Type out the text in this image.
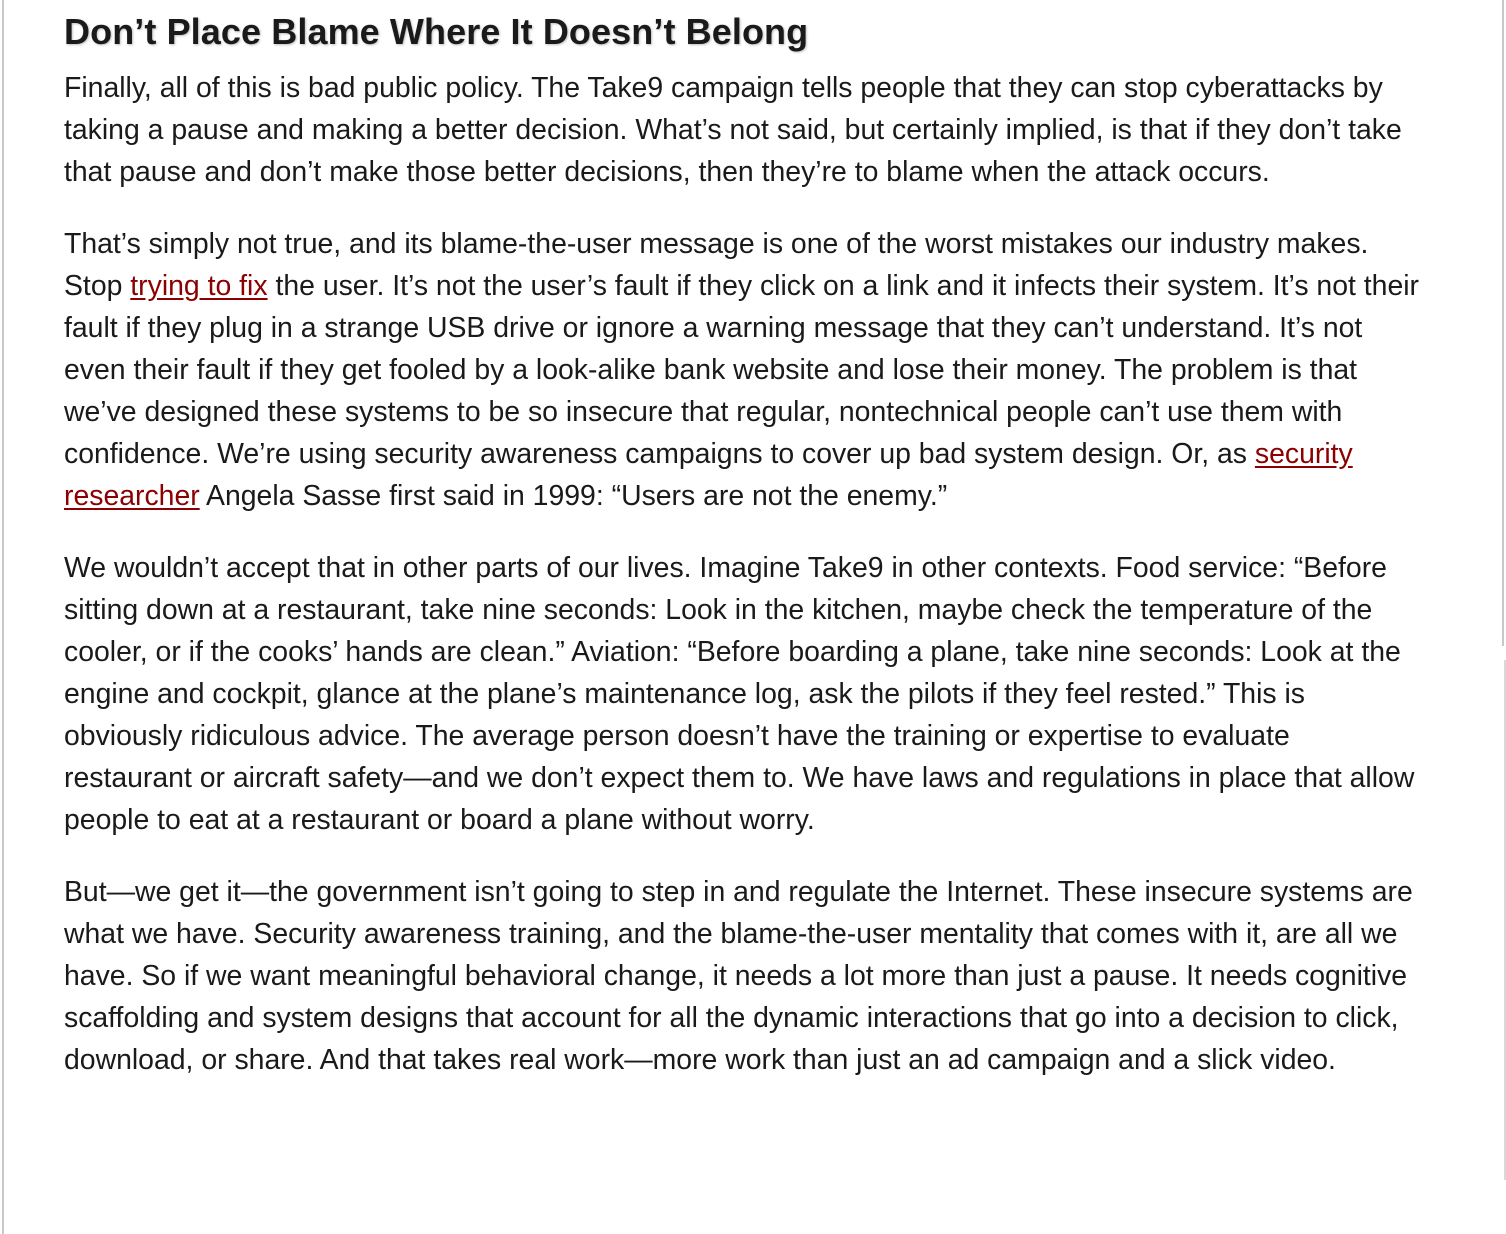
Don’t Place Blame Where It Doesn’t Belong

Finally, all of this is bad public policy. The Take9 campaign tells people that they can stop cyberattacks by taking a pause and making a better decision. What’s not said, but certainly implied, is that if they don’t take that pause and don’t make those better decisions, then they’re to blame when the attack occurs.

That’s simply not true, and its blame-the-user message is one of the worst mistakes our industry makes. Stop trying to fix the user. It’s not the user’s fault if they click on a link and it infects their system. It’s not their fault if they plug in a strange USB drive or ignore a warning message that they can’t understand. It’s not even their fault if they get fooled by a look-alike bank website and lose their money. The problem is that we’ve designed these systems to be so insecure that regular, nontechnical people can’t use them with confidence. We’re using security awareness campaigns to cover up bad system design. Or, as security researcher Angela Sasse first said in 1999: “Users are not the enemy.”

We wouldn’t accept that in other parts of our lives. Imagine Take9 in other contexts. Food service: “Before sitting down at a restaurant, take nine seconds: Look in the kitchen, maybe check the temperature of the cooler, or if the cooks’ hands are clean.” Aviation: “Before boarding a plane, take nine seconds: Look at the engine and cockpit, glance at the plane’s maintenance log, ask the pilots if they feel rested.” This is obviously ridiculous advice. The average person doesn’t have the training or expertise to evaluate restaurant or aircraft safety—and we don’t expect them to. We have laws and regulations in place that allow people to eat at a restaurant or board a plane without worry.

But—we get it—the government isn’t going to step in and regulate the Internet. These insecure systems are what we have. Security awareness training, and the blame-the-user mentality that comes with it, are all we have. So if we want meaningful behavioral change, it needs a lot more than just a pause. It needs cognitive scaffolding and system designs that account for all the dynamic interactions that go into a decision to click, download, or share. And that takes real work—more work than just an ad campaign and a slick video.
